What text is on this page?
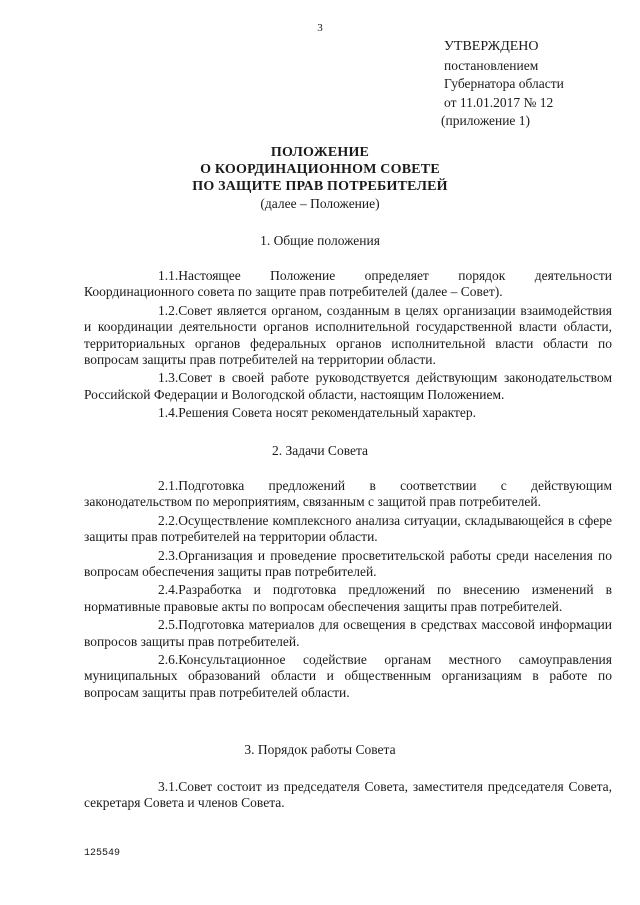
3
УТВЕРЖДЕНО
постановлением
Губернатора области
от 11.01.2017 № 12
(приложение 1)
ПОЛОЖЕНИЕ
О КООРДИНАЦИОННОМ СОВЕТЕ
ПО ЗАЩИТЕ ПРАВ ПОТРЕБИТЕЛЕЙ
(далее – Положение)
1. Общие положения

1.1.Настоящее Положение определяет порядок деятельности Координационного совета по защите прав потребителей (далее – Совет).

1.2.Совет является органом, созданным в целях организации взаимодействия и координации деятельности органов исполнительной государственной власти области, территориальных органов федеральных органов исполнительной власти области по вопросам защиты прав потребителей на территории области.

1.3.Совет в своей работе руководствуется действующим законодательством Российской Федерации и Вологодской области, настоящим Положением.

1.4.Решения Совета носят рекомендательный характер.

2. Задачи Совета

2.1.Подготовка предложений в соответствии с действующим законодательством по мероприятиям, связанным с защитой прав потребителей.

2.2.Осуществление комплексного анализа ситуации, складывающейся в сфере защиты прав потребителей на территории области.

2.3.Организация и проведение просветительской работы среди населения по вопросам обеспечения защиты прав потребителей.

2.4.Разработка и подготовка предложений по внесению изменений в нормативные правовые акты по вопросам обеспечения защиты прав потребителей.

2.5.Подготовка материалов для освещения в средствах массовой информации вопросов защиты прав потребителей.

2.6.Консультационное содействие органам местного самоуправления муниципальных образований области и общественным организациям в работе по вопросам защиты прав потребителей области.

3. Порядок работы Совета

3.1.Совет состоит из председателя Совета, заместителя председателя Совета, секретаря Совета и членов Совета.

125549
